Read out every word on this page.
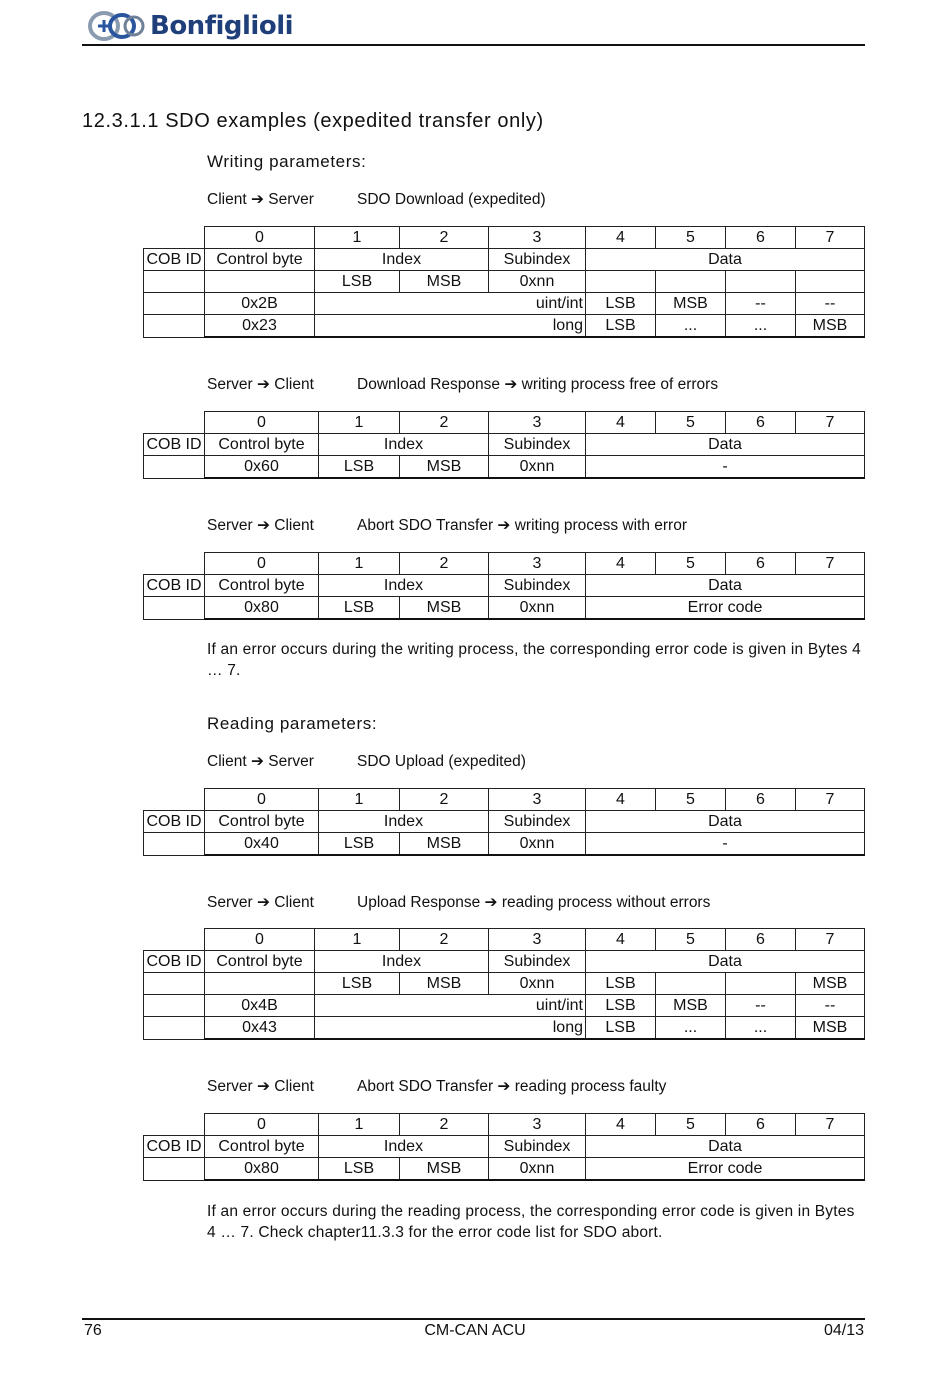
Bonfiglioli
12.3.1.1 SDO examples (expedited transfer only)
Writing parameters:
Client ➔ Server	SDO Download (expedited)
	0	1	2	3	4	5	6	7
COB ID	Control byte	Index		Subindex	Data			
		LSB	MSB	0xnn				
	0x2B	uint/int			LSB	MSB	--	--
	0x23	long			LSB	...	...	MSB
Server ➔ Client	Download Response ➔ writing process free of errors
	0	1	2	3	4	5	6	7
COB ID	Control byte	Index		Subindex	Data			
	0x60	LSB	MSB	0xnn	-			
Server ➔ Client	Abort SDO Transfer ➔ writing process with error
	0	1	2	3	4	5	6	7
COB ID	Control byte	Index		Subindex	Data			
	0x80	LSB	MSB	0xnn	Error code			
If an error occurs during the writing process, the corresponding error code is given in Bytes 4 … 7.
Reading parameters:
Client ➔ Server	SDO Upload (expedited)
	0	1	2	3	4	5	6	7
COB ID	Control byte	Index		Subindex	Data			
	0x40	LSB	MSB	0xnn	-			
Server ➔ Client	Upload Response ➔ reading process without errors
	0	1	2	3	4	5	6	7
COB ID	Control byte	Index		Subindex	Data			
		LSB	MSB	0xnn	LSB			MSB
	0x4B	uint/int			LSB	MSB	--	--
	0x43	long			LSB	...	...	MSB
Server ➔ Client	Abort SDO Transfer ➔ reading process faulty
	0	1	2	3	4	5	6	7
COB ID	Control byte	Index		Subindex	Data			
	0x80	LSB	MSB	0xnn	Error code			
If an error occurs during the reading process, the corresponding error code is given in Bytes 4 … 7. Check chapter11.3.3 for the error code list for SDO abort.
76	CM-CAN ACU	04/13
